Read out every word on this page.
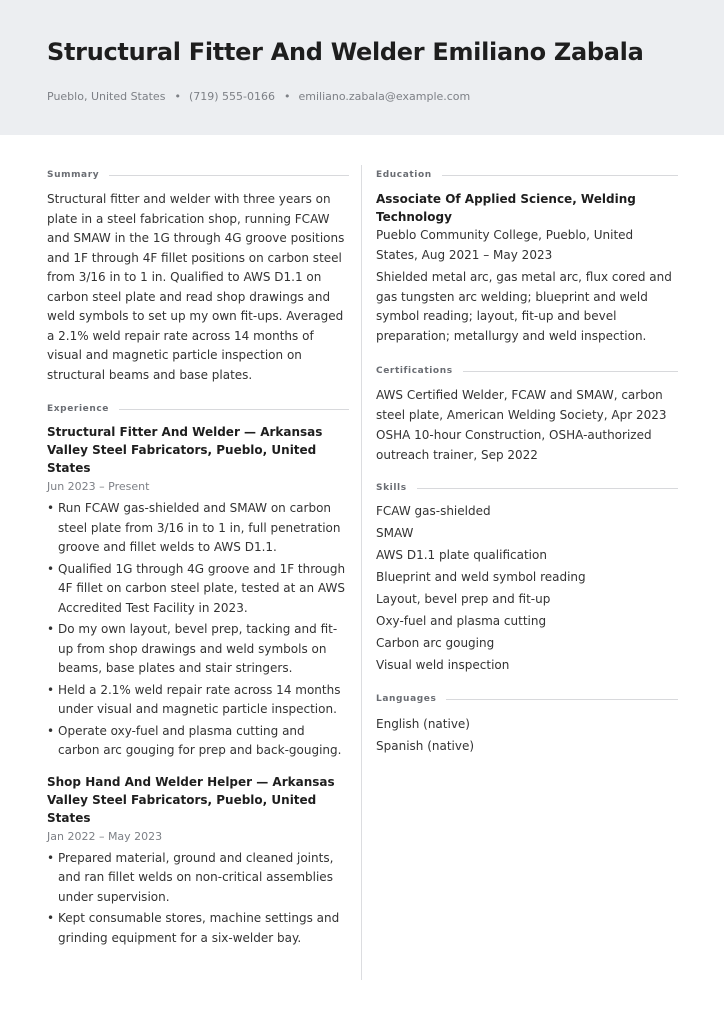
Structural Fitter And Welder Emiliano Zabala
Pueblo, United States • (719) 555-0166 • emiliano.zabala@example.com
Summary

Structural fitter and welder with three years on plate in a steel fabrication shop, running FCAW and SMAW in the 1G through 4G groove positions and 1F through 4F fillet positions on carbon steel from 3/16 in to 1 in. Qualified to AWS D1.1 on carbon steel plate and read shop drawings and weld symbols to set up my own fit-ups. Averaged a 2.1% weld repair rate across 14 months of visual and magnetic particle inspection on structural beams and base plates.

Experience
Structural Fitter And Welder — Arkansas Valley Steel Fabricators, Pueblo, United States
Jun 2023 – Present
• Run FCAW gas-shielded and SMAW on carbon steel plate from 3/16 in to 1 in, full penetration groove and fillet welds to AWS D1.1.
• Qualified 1G through 4G groove and 1F through 4F fillet on carbon steel plate, tested at an AWS Accredited Test Facility in 2023.
• Do my own layout, bevel prep, tacking and fit-up from shop drawings and weld symbols on beams, base plates and stair stringers.
• Held a 2.1% weld repair rate across 14 months under visual and magnetic particle inspection.
• Operate oxy-fuel and plasma cutting and carbon arc gouging for prep and back-gouging.
Shop Hand And Welder Helper — Arkansas Valley Steel Fabricators, Pueblo, United States
Jan 2022 – May 2023
• Prepared material, ground and cleaned joints, and ran fillet welds on non-critical assemblies under supervision.
• Kept consumable stores, machine settings and grinding equipment for a six-welder bay.
Education
Associate Of Applied Science, Welding Technology
Pueblo Community College, Pueblo, United States, Aug 2021 – May 2023
Shielded metal arc, gas metal arc, flux cored and gas tungsten arc welding; blueprint and weld symbol reading; layout, fit-up and bevel preparation; metallurgy and weld inspection.
Certifications
AWS Certified Welder, FCAW and SMAW, carbon steel plate, American Welding Society, Apr 2023
OSHA 10-hour Construction, OSHA-authorized outreach trainer, Sep 2022
Skills
FCAW gas-shielded
SMAW
AWS D1.1 plate qualification
Blueprint and weld symbol reading
Layout, bevel prep and fit-up
Oxy-fuel and plasma cutting
Carbon arc gouging
Visual weld inspection
Languages
English (native)
Spanish (native)
